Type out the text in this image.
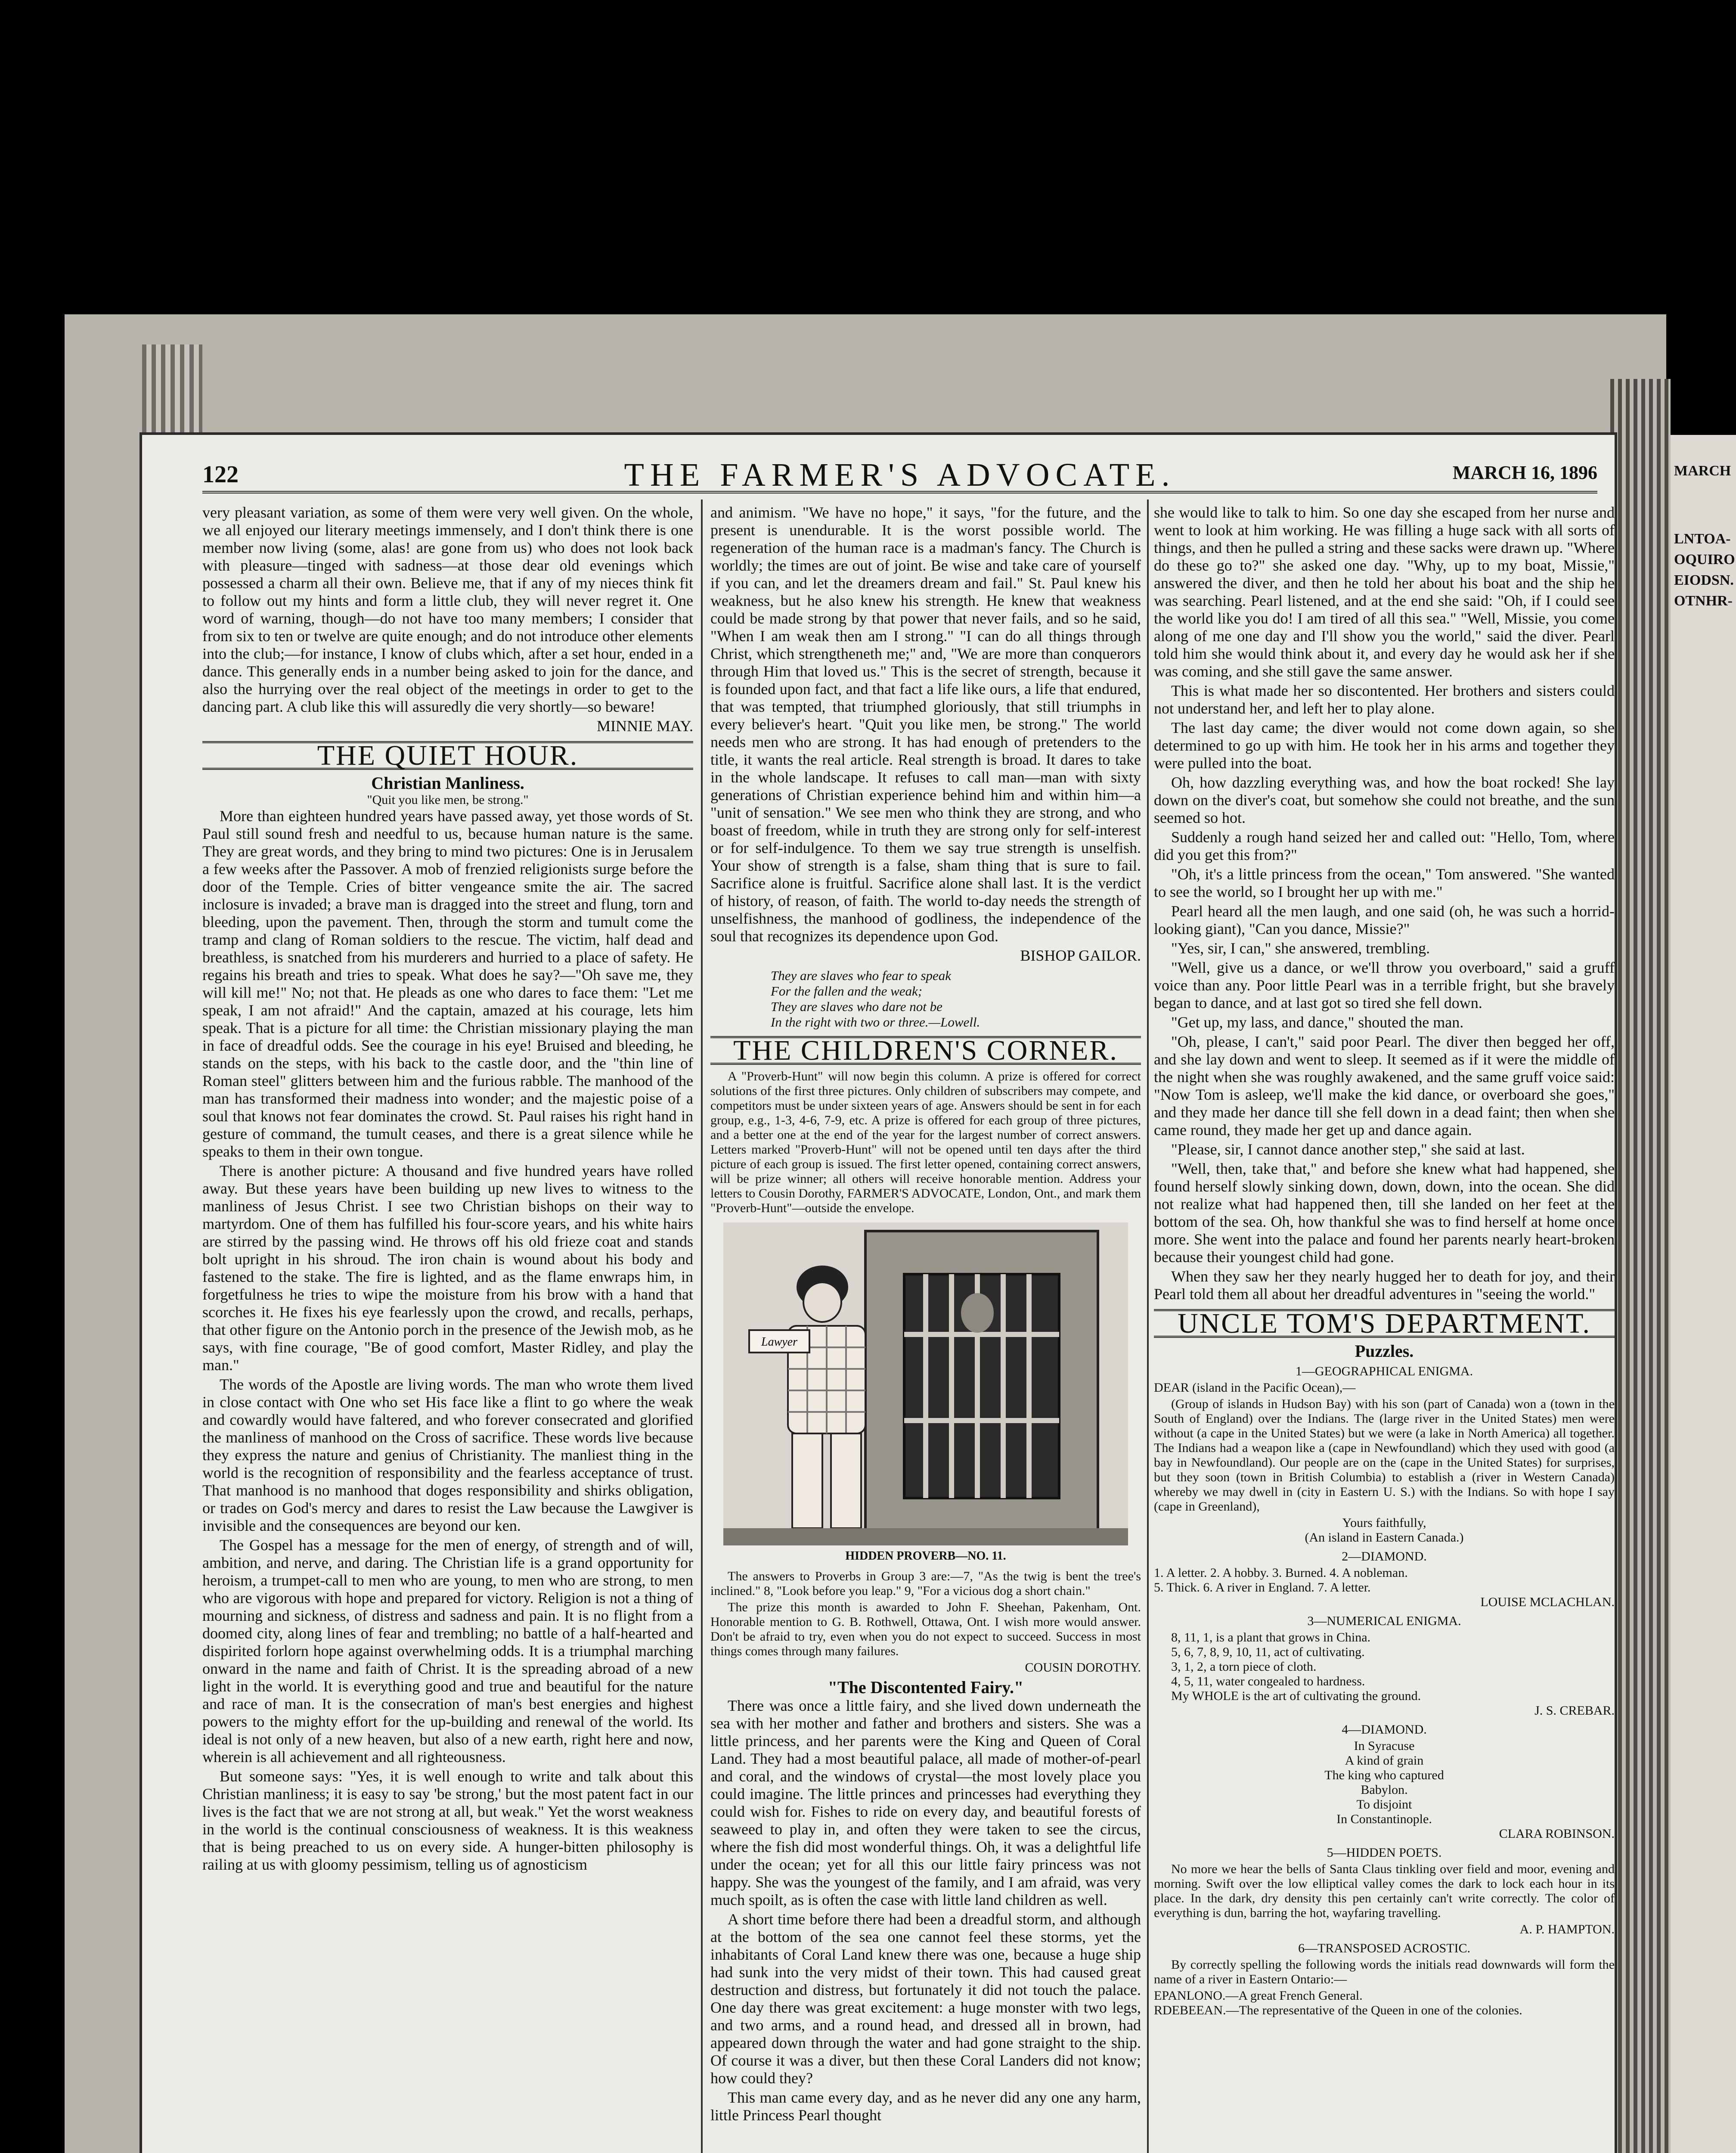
MARCH
LNTOA-
OQUIRO
EIODSN.
OTNHR-
122	THE FARMER'S ADVOCATE.	MARCH 16, 1896

very pleasant variation, as some of them were very well given. On the whole, we all enjoyed our literary meetings immensely, and I don't think there is one member now living (some, alas! are gone from us) who does not look back with pleasure—tinged with sadness—at those dear old evenings which possessed a charm all their own. Believe me, that if any of my nieces think fit to follow out my hints and form a little club, they will never regret it. One word of warning, though—do not have too many members; I consider that from six to ten or twelve are quite enough; and do not introduce other elements into the club;—for instance, I know of clubs which, after a set hour, ended in a dance. This generally ends in a number being asked to join for the dance, and also the hurrying over the real object of the meetings in order to get to the dancing part. A club like this will assuredly die very shortly—so beware!

MINNIE MAY.
THE QUIET HOUR.
Christian Manliness.
"Quit you like men, be strong."

More than eighteen hundred years have passed away, yet those words of St. Paul still sound fresh and needful to us, because human nature is the same. They are great words, and they bring to mind two pictures: One is in Jerusalem a few weeks after the Passover. A mob of frenzied religionists surge before the door of the Temple. Cries of bitter vengeance smite the air. The sacred inclosure is invaded; a brave man is dragged into the street and flung, torn and bleeding, upon the pavement. Then, through the storm and tumult come the tramp and clang of Roman soldiers to the rescue. The victim, half dead and breathless, is snatched from his murderers and hurried to a place of safety. He regains his breath and tries to speak. What does he say?—"Oh save me, they will kill me!" No; not that. He pleads as one who dares to face them: "Let me speak, I am not afraid!" And the captain, amazed at his courage, lets him speak. That is a picture for all time: the Christian missionary playing the man in face of dreadful odds. See the courage in his eye! Bruised and bleeding, he stands on the steps, with his back to the castle door, and the "thin line of Roman steel" glitters between him and the furious rabble. The manhood of the man has transformed their madness into wonder; and the majestic poise of a soul that knows not fear dominates the crowd. St. Paul raises his right hand in gesture of command, the tumult ceases, and there is a great silence while he speaks to them in their own tongue.

There is another picture: A thousand and five hundred years have rolled away. But these years have been building up new lives to witness to the manliness of Jesus Christ. I see two Christian bishops on their way to martyrdom. One of them has fulfilled his four-score years, and his white hairs are stirred by the passing wind. He throws off his old frieze coat and stands bolt upright in his shroud. The iron chain is wound about his body and fastened to the stake. The fire is lighted, and as the flame enwraps him, in forgetfulness he tries to wipe the moisture from his brow with a hand that scorches it. He fixes his eye fearlessly upon the crowd, and recalls, perhaps, that other figure on the Antonio porch in the presence of the Jewish mob, as he says, with fine courage, "Be of good comfort, Master Ridley, and play the man."

The words of the Apostle are living words. The man who wrote them lived in close contact with One who set His face like a flint to go where the weak and cowardly would have faltered, and who forever consecrated and glorified the manliness of manhood on the Cross of sacrifice. These words live because they express the nature and genius of Christianity. The manliest thing in the world is the recognition of responsibility and the fearless acceptance of trust. That manhood is no manhood that doges responsibility and shirks obligation, or trades on God's mercy and dares to resist the Law because the Lawgiver is invisible and the consequences are beyond our ken.

The Gospel has a message for the men of energy, of strength and of will, ambition, and nerve, and daring. The Christian life is a grand opportunity for heroism, a trumpet-call to men who are young, to men who are strong, to men who are vigorous with hope and prepared for victory. Religion is not a thing of mourning and sickness, of distress and sadness and pain. It is no flight from a doomed city, along lines of fear and trembling; no battle of a half-hearted and dispirited forlorn hope against overwhelming odds. It is a triumphal marching onward in the name and faith of Christ. It is the spreading abroad of a new light in the world. It is everything good and true and beautiful for the nature and race of man. It is the consecration of man's best energies and highest powers to the mighty effort for the up-building and renewal of the world. Its ideal is not only of a new heaven, but also of a new earth, right here and now, wherein is all achievement and all righteousness.

But someone says: "Yes, it is well enough to write and talk about this Christian manliness; it is easy to say 'be strong,' but the most patent fact in our lives is the fact that we are not strong at all, but weak." Yet the worst weakness in the world is the continual consciousness of weakness. It is this weakness that is being preached to us on every side. A hunger-bitten philosophy is railing at us with gloomy pessimism, telling us of agnosticism

and animism. "We have no hope," it says, "for the future, and the present is unendurable. It is the worst possible world. The regeneration of the human race is a madman's fancy. The Church is worldly; the times are out of joint. Be wise and take care of yourself if you can, and let the dreamers dream and fail." St. Paul knew his weakness, but he also knew his strength. He knew that weakness could be made strong by that power that never fails, and so he said, "When I am weak then am I strong." "I can do all things through Christ, which strengtheneth me;" and, "We are more than conquerors through Him that loved us." This is the secret of strength, because it is founded upon fact, and that fact a life like ours, a life that endured, that was tempted, that triumphed gloriously, that still triumphs in every believer's heart. "Quit you like men, be strong." The world needs men who are strong. It has had enough of pretenders to the title, it wants the real article. Real strength is broad. It dares to take in the whole landscape. It refuses to call man—man with sixty generations of Christian experience behind him and within him—a "unit of sensation." We see men who think they are strong, and who boast of freedom, while in truth they are strong only for self-interest or for self-indulgence. To them we say true strength is unselfish. Your show of strength is a false, sham thing that is sure to fail. Sacrifice alone is fruitful. Sacrifice alone shall last. It is the verdict of history, of reason, of faith. The world to-day needs the strength of unselfishness, the manhood of godliness, the independence of the soul that recognizes its dependence upon God.

BISHOP GAILOR.
They are slaves who fear to speak
For the fallen and the weak;
They are slaves who dare not be
In the right with two or three.—Lowell.
THE CHILDREN'S CORNER.

A "Proverb-Hunt" will now begin this column. A prize is offered for correct solutions of the first three pictures. Only children of subscribers may compete, and competitors must be under sixteen years of age. Answers should be sent in for each group, e.g., 1-3, 4-6, 7-9, etc. A prize is offered for each group of three pictures, and a better one at the end of the year for the largest number of correct answers. Letters marked "Proverb-Hunt" will not be opened until ten days after the third picture of each group is issued. The first letter opened, containing correct answers, will be prize winner; all others will receive honorable mention. Address your letters to Cousin Dorothy, FARMER'S ADVOCATE, London, Ont., and mark them "Proverb-Hunt"—outside the envelope.

Lawyer
HIDDEN PROVERB—NO. 11.

The answers to Proverbs in Group 3 are:—7, "As the twig is bent the tree's inclined." 8, "Look before you leap." 9, "For a vicious dog a short chain."

The prize this month is awarded to John F. Sheehan, Pakenham, Ont. Honorable mention to G. B. Rothwell, Ottawa, Ont. I wish more would answer. Don't be afraid to try, even when you do not expect to succeed. Success in most things comes through many failures.

COUSIN DOROTHY.
"The Discontented Fairy."

There was once a little fairy, and she lived down underneath the sea with her mother and father and brothers and sisters. She was a little princess, and her parents were the King and Queen of Coral Land. They had a most beautiful palace, all made of mother-of-pearl and coral, and the windows of crystal—the most lovely place you could imagine. The little princes and princesses had everything they could wish for. Fishes to ride on every day, and beautiful forests of seaweed to play in, and often they were taken to see the circus, where the fish did most wonderful things. Oh, it was a delightful life under the ocean; yet for all this our little fairy princess was not happy. She was the youngest of the family, and I am afraid, was very much spoilt, as is often the case with little land children as well.

A short time before there had been a dreadful storm, and although at the bottom of the sea one cannot feel these storms, yet the inhabitants of Coral Land knew there was one, because a huge ship had sunk into the very midst of their town. This had caused great destruction and distress, but fortunately it did not touch the palace. One day there was great excitement: a huge monster with two legs, and two arms, and a round head, and dressed all in brown, had appeared down through the water and had gone straight to the ship. Of course it was a diver, but then these Coral Landers did not know; how could they?

This man came every day, and as he never did any one any harm, little Princess Pearl thought

she would like to talk to him. So one day she escaped from her nurse and went to look at him working. He was filling a huge sack with all sorts of things, and then he pulled a string and these sacks were drawn up. "Where do these go to?" she asked one day. "Why, up to my boat, Missie," answered the diver, and then he told her about his boat and the ship he was searching. Pearl listened, and at the end she said: "Oh, if I could see the world like you do! I am tired of all this sea." "Well, Missie, you come along of me one day and I'll show you the world," said the diver. Pearl told him she would think about it, and every day he would ask her if she was coming, and she still gave the same answer.

This is what made her so discontented. Her brothers and sisters could not understand her, and left her to play alone.

The last day came; the diver would not come down again, so she determined to go up with him. He took her in his arms and together they were pulled into the boat.

Oh, how dazzling everything was, and how the boat rocked! She lay down on the diver's coat, but somehow she could not breathe, and the sun seemed so hot.

Suddenly a rough hand seized her and called out: "Hello, Tom, where did you get this from?"

"Oh, it's a little princess from the ocean," Tom answered. "She wanted to see the world, so I brought her up with me."

Pearl heard all the men laugh, and one said (oh, he was such a horrid-looking giant), "Can you dance, Missie?"

"Yes, sir, I can," she answered, trembling.

"Well, give us a dance, or we'll throw you overboard," said a gruff voice than any. Poor little Pearl was in a terrible fright, but she bravely began to dance, and at last got so tired she fell down.

"Get up, my lass, and dance," shouted the man.

"Oh, please, I can't," said poor Pearl. The diver then begged her off, and she lay down and went to sleep. It seemed as if it were the middle of the night when she was roughly awakened, and the same gruff voice said: "Now Tom is asleep, we'll make the kid dance, or overboard she goes," and they made her dance till she fell down in a dead faint; then when she came round, they made her get up and dance again.

"Please, sir, I cannot dance another step," she said at last.

"Well, then, take that," and before she knew what had happened, she found herself slowly sinking down, down, down, into the ocean. She did not realize what had happened then, till she landed on her feet at the bottom of the sea. Oh, how thankful she was to find herself at home once more. She went into the palace and found her parents nearly heart-broken because their youngest child had gone.

When they saw her they nearly hugged her to death for joy, and their Pearl told them all about her dreadful adventures in "seeing the world."

UNCLE TOM'S DEPARTMENT.
Puzzles.
1—GEOGRAPHICAL ENIGMA.

DEAR (island in the Pacific Ocean),—

(Group of islands in Hudson Bay) with his son (part of Canada) won a (town in the South of England) over the Indians. The (large river in the United States) men were without (a cape in the United States) but we were (a lake in North America) all together. The Indians had a weapon like a (cape in Newfoundland) which they used with good (a bay in Newfoundland). Our people are on the (cape in the United States) for surprises, but they soon (town in British Columbia) to establish a (river in Western Canada) whereby we may dwell in (city in Eastern U. S.) with the Indians. So with hope I say (cape in Greenland),

Yours faithfully,
(An island in Eastern Canada.)
2—DIAMOND.
1. A letter. 2. A hobby. 3. Burned. 4. A nobleman.
5. Thick. 6. A river in England. 7. A letter.
LOUISE MCLACHLAN.
3—NUMERICAL ENIGMA.
8, 11, 1, is a plant that grows in China.
5, 6, 7, 8, 9, 10, 11, act of cultivating.
3, 1, 2, a torn piece of cloth.
4, 5, 11, water congealed to hardness.
My WHOLE is the art of cultivating the ground.
J. S. CREBAR.
4—DIAMOND.
In Syracuse
A kind of grain
The king who captured
Babylon.
To disjoint
In Constantinople.
CLARA ROBINSON.
5—HIDDEN POETS.

No more we hear the bells of Santa Claus tinkling over field and moor, evening and morning. Swift over the low elliptical valley comes the dark to lock each hour in its place. In the dark, dry density this pen certainly can't write correctly. The color of everything is dun, barring the hot, wayfaring travelling.

A. P. HAMPTON.
6—TRANSPOSED ACROSTIC.

By correctly spelling the following words the initials read downwards will form the name of a river in Eastern Ontario:—

EPANLONO.—A great French General.
RDEBEEAN.—The representative of the Queen in one of the colonies.
